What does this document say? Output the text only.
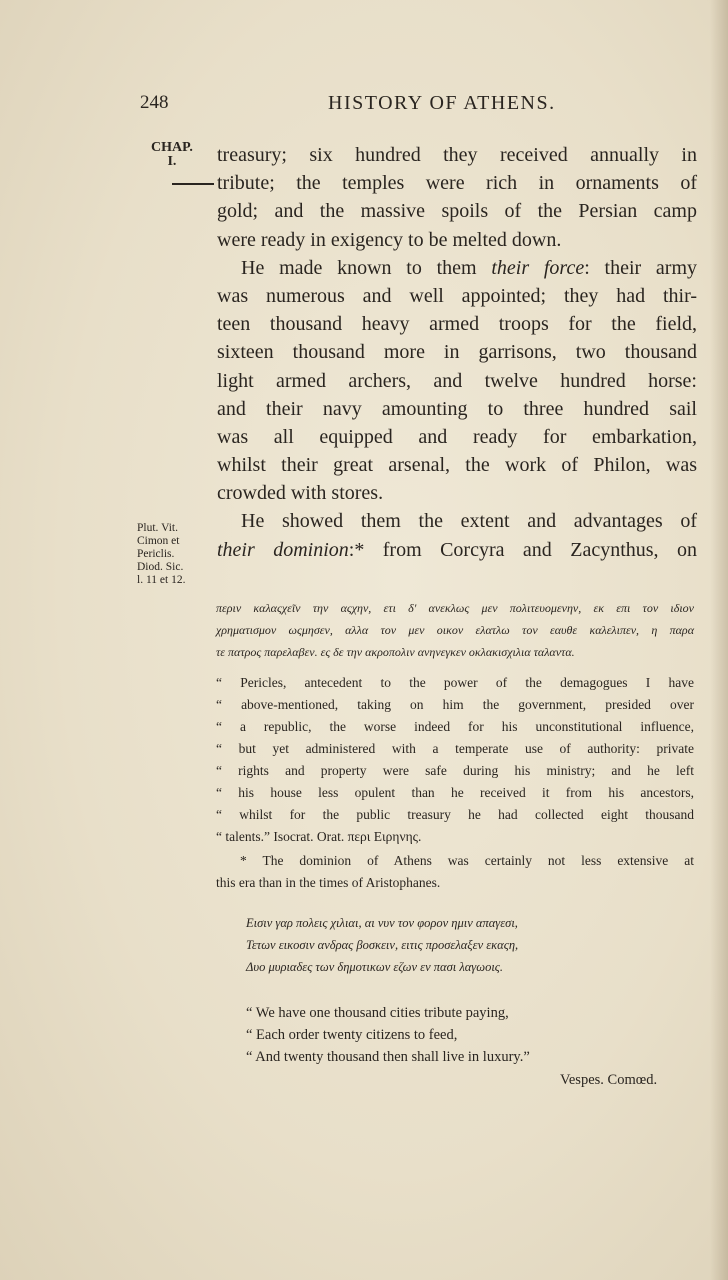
248	HISTORY OF ATHENS.
CHAP.
I.	treasury; six hundred they received annually in
tribute; the temples were rich in ornaments of
gold; and the massive spoils of the Persian camp
were ready in exigency to be melted down.
He made known to them their force: their army
was numerous and well appointed; they had thir-
teen thousand heavy armed troops for the field,
sixteen thousand more in garrisons, two thousand
light armed archers, and twelve hundred horse:
and their navy amounting to three hundred sail
was all equipped and ready for embarkation,
whilst their great arsenal, the work of Philon, was
crowded with stores.
He showed them the extent and advantages of
their dominion:* from Corcyra and Zacynthus, on
Plut. Vit.
Cimon et
Periclis.
Diod. Sic.
l. 11 et 12.
περιν καλαςχεῖν την αςχην, ετι δ' ανεκλως μεν πολιτευομενην, εκ επι τον ιδιον
χρηματισμον ωςμησεν, αλλα τον μεν οικον ελατλω τον εαυθε καλελιπεν, η παρα
τε πατρος παρελαβεν. ες δε την ακροπολιν ανηνεγκεν οκλακισχιλια ταλαντα.
“ Pericles, antecedent to the power of the demagogues I have
“ above-mentioned, taking on him the government, presided over
“ a republic, the worse indeed for his unconstitutional influence,
“ but yet administered with a temperate use of authority: private
“ rights and property were safe during his ministry; and he left
“ his house less opulent than he received it from his ancestors,
“ whilst for the public treasury he had collected eight thousand
“ talents.” Isocrat. Orat. περι Ειρηνης.
* The dominion of Athens was certainly not less extensive at
this era than in the times of Aristophanes.
Εισιν γαρ πολεις χιλιαι, αι νυν τον φορον ημιν απαγεσι,
Τετων εικοσιν ανδρας βοσκειν, ειτις προσελαξεν εκαςη,
Δυο μυριαδες των δημοτικων εζων εν πασι λαγωοις.
“ We have one thousand cities tribute paying,
“ Each order twenty citizens to feed,
“ And twenty thousand then shall live in luxury.”
Vespes. Comœd.
